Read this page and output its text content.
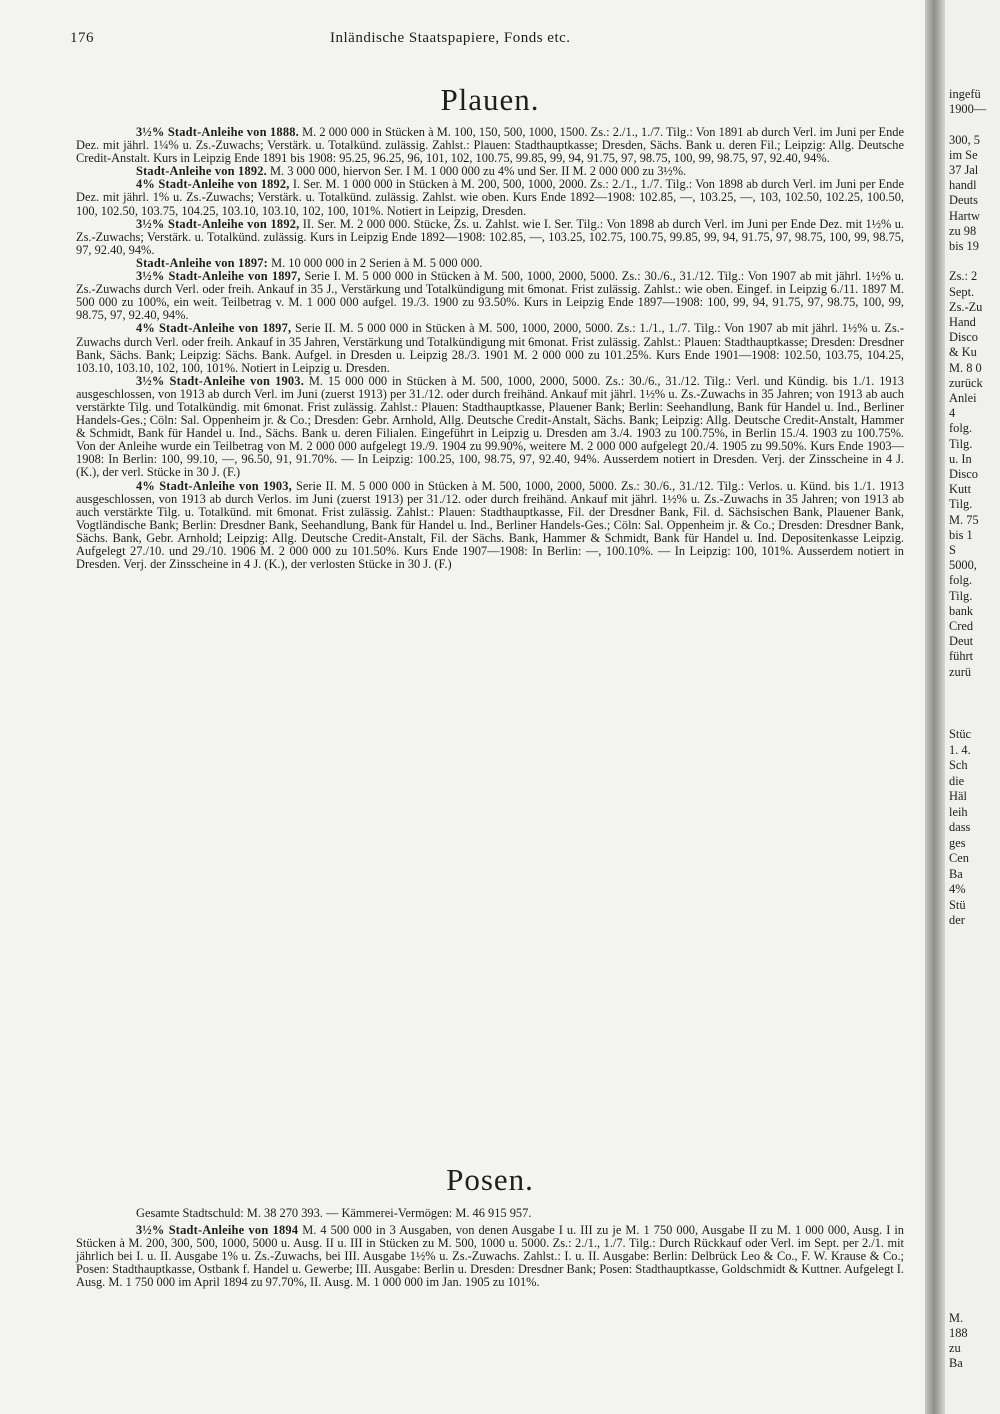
176	Inländische Staatspapiere, Fonds etc.
Plauen.

3½% Stadt-Anleihe von 1888. M. 2 000 000 in Stücken à M. 100, 150, 500, 1000, 1500. Zs.: 2./1., 1./7. Tilg.: Von 1891 ab durch Verl. im Juni per Ende Dez. mit jährl. 1¼% u. Zs.-Zuwachs; Verstärk. u. Totalkünd. zulässig. Zahlst.: Plauen: Stadthauptkasse; Dresden, Sächs. Bank u. deren Fil.; Leipzig: Allg. Deutsche Credit-Anstalt. Kurs in Leipzig Ende 1891 bis 1908: 95.25, 96.25, 96, 101, 102, 100.75, 99.85, 99, 94, 91.75, 97, 98.75, 100, 99, 98.75, 97, 92.40, 94%.

Stadt-Anleihe von 1892. M. 3 000 000, hiervon Ser. I M. 1 000 000 zu 4% und Ser. II M. 2 000 000 zu 3½%.

4% Stadt-Anleihe von 1892, I. Ser. M. 1 000 000 in Stücken à M. 200, 500, 1000, 2000. Zs.: 2./1., 1./7. Tilg.: Von 1898 ab durch Verl. im Juni per Ende Dez. mit jährl. 1% u. Zs.-Zuwachs; Verstärk. u. Totalkünd. zulässig. Zahlst. wie oben. Kurs Ende 1892—1908: 102.85, —, 103.25, —, 103, 102.50, 102.25, 100.50, 100, 102.50, 103.75, 104.25, 103.10, 103.10, 102, 100, 101%. Notiert in Leipzig, Dresden.

3½% Stadt-Anleihe von 1892, II. Ser. M. 2 000 000. Stücke, Zs. u. Zahlst. wie I. Ser. Tilg.: Von 1898 ab durch Verl. im Juni per Ende Dez. mit 1½% u. Zs.-Zuwachs; Verstärk. u. Totalkünd. zulässig. Kurs in Leipzig Ende 1892—1908: 102.85, —, 103.25, 102.75, 100.75, 99.85, 99, 94, 91.75, 97, 98.75, 100, 99, 98.75, 97, 92.40, 94%.

Stadt-Anleihe von 1897: M. 10 000 000 in 2 Serien à M. 5 000 000.

3½% Stadt-Anleihe von 1897, Serie I. M. 5 000 000 in Stücken à M. 500, 1000, 2000, 5000. Zs.: 30./6., 31./12. Tilg.: Von 1907 ab mit jährl. 1½% u. Zs.-Zuwachs durch Verl. oder freih. Ankauf in 35 J., Verstärkung und Totalkündigung mit 6monat. Frist zulässig. Zahlst.: wie oben. Eingef. in Leipzig 6./11. 1897 M. 500 000 zu 100%, ein weit. Teilbetrag v. M. 1 000 000 aufgel. 19./3. 1900 zu 93.50%. Kurs in Leipzig Ende 1897—1908: 100, 99, 94, 91.75, 97, 98.75, 100, 99, 98.75, 97, 92.40, 94%.

4% Stadt-Anleihe von 1897, Serie II. M. 5 000 000 in Stücken à M. 500, 1000, 2000, 5000. Zs.: 1./1., 1./7. Tilg.: Von 1907 ab mit jährl. 1½% u. Zs.-Zuwachs durch Verl. oder freih. Ankauf in 35 Jahren, Verstärkung und Totalkündigung mit 6monat. Frist zulässig. Zahlst.: Plauen: Stadthauptkasse; Dresden: Dresdner Bank, Sächs. Bank; Leipzig: Sächs. Bank. Aufgel. in Dresden u. Leipzig 28./3. 1901 M. 2 000 000 zu 101.25%. Kurs Ende 1901—1908: 102.50, 103.75, 104.25, 103.10, 103.10, 102, 100, 101%. Notiert in Leipzig u. Dresden.

3½% Stadt-Anleihe von 1903. M. 15 000 000 in Stücken à M. 500, 1000, 2000, 5000. Zs.: 30./6., 31./12. Tilg.: Verl. und Kündig. bis 1./1. 1913 ausgeschlossen, von 1913 ab durch Verl. im Juni (zuerst 1913) per 31./12. oder durch freihänd. Ankauf mit jährl. 1½% u. Zs.-Zuwachs in 35 Jahren; von 1913 ab auch verstärkte Tilg. und Totalkündig. mit 6monat. Frist zulässig. Zahlst.: Plauen: Stadthauptkasse, Plauener Bank; Berlin: Seehandlung, Bank für Handel u. Ind., Berliner Handels-Ges.; Cöln: Sal. Oppenheim jr. & Co.; Dresden: Gebr. Arnhold, Allg. Deutsche Credit-Anstalt, Sächs. Bank; Leipzig: Allg. Deutsche Credit-Anstalt, Hammer & Schmidt, Bank für Handel u. Ind., Sächs. Bank u. deren Filialen. Eingeführt in Leipzig u. Dresden am 3./4. 1903 zu 100.75%, in Berlin 15./4. 1903 zu 100.75%. Von der Anleihe wurde ein Teilbetrag von M. 2 000 000 aufgelegt 19./9. 1904 zu 99.90%, weitere M. 2 000 000 aufgelegt 20./4. 1905 zu 99.50%. Kurs Ende 1903—1908: In Berlin: 100, 99.10, —, 96.50, 91, 91.70%. — In Leipzig: 100.25, 100, 98.75, 97, 92.40, 94%. Ausserdem notiert in Dresden. Verj. der Zinsscheine in 4 J. (K.), der verl. Stücke in 30 J. (F.)

4% Stadt-Anleihe von 1903, Serie II. M. 5 000 000 in Stücken à M. 500, 1000, 2000, 5000. Zs.: 30./6., 31./12. Tilg.: Verlos. u. Künd. bis 1./1. 1913 ausgeschlossen, von 1913 ab durch Verlos. im Juni (zuerst 1913) per 31./12. oder durch freihänd. Ankauf mit jährl. 1½% u. Zs.-Zuwachs in 35 Jahren; von 1913 ab auch verstärkte Tilg. u. Totalkünd. mit 6monat. Frist zulässig. Zahlst.: Plauen: Stadthauptkasse, Fil. der Dresdner Bank, Fil. d. Sächsischen Bank, Plauener Bank, Vogtländische Bank; Berlin: Dresdner Bank, Seehandlung, Bank für Handel u. Ind., Berliner Handels-Ges.; Cöln: Sal. Oppenheim jr. & Co.; Dresden: Dresdner Bank, Sächs. Bank, Gebr. Arnhold; Leipzig: Allg. Deutsche Credit-Anstalt, Fil. der Sächs. Bank, Hammer & Schmidt, Bank für Handel u. Ind. Depositenkasse Leipzig. Aufgelegt 27./10. und 29./10. 1906 M. 2 000 000 zu 101.50%. Kurs Ende 1907—1908: In Berlin: —, 100.10%. — In Leipzig: 100, 101%. Ausserdem notiert in Dresden. Verj. der Zinsscheine in 4 J. (K.), der verlosten Stücke in 30 J. (F.)

Posen.

Gesamte Stadtschuld: M. 38 270 393. — Kämmerei-Vermögen: M. 46 915 957.

3½% Stadt-Anleihe von 1894 M. 4 500 000 in 3 Ausgaben, von denen Ausgabe I u. III zu je M. 1 750 000, Ausgabe II zu M. 1 000 000, Ausg. I in Stücken à M. 200, 300, 500, 1000, 5000 u. Ausg. II u. III in Stücken zu M. 500, 1000 u. 5000. Zs.: 2./1., 1./7. Tilg.: Durch Rückkauf oder Verl. im Sept. per 2./1. mit jährlich bei I. u. II. Ausgabe 1% u. Zs.-Zuwachs, bei III. Ausgabe 1½% u. Zs.-Zuwachs. Zahlst.: I. u. II. Ausgabe: Berlin: Delbrück Leo & Co., F. W. Krause & Co.; Posen: Stadthauptkasse, Ostbank f. Handel u. Gewerbe; III. Ausgabe: Berlin u. Dresden: Dresdner Bank; Posen: Stadthauptkasse, Goldschmidt & Kuttner. Aufgelegt I. Ausg. M. 1 750 000 im April 1894 zu 97.70%, II. Ausg. M. 1 000 000 im Jan. 1905 zu 101%.

ingefü
1900—
300, 5
im Se
37 Jal
handl
Deuts
Hartw
zu 98
bis 19
Zs.: 2
Sept.
Zs.-Zu
Hand
Disco
& Ku
M. 8 0
zurück
Anlei
4
folg.
Tilg.
u. In
Disco
Kutt
Tilg.
M. 75
bis 1
S
5000,
folg.
Tilg.
bank
Cred
Deut
führt
zurü
Stüc
1. 4.
Sch
die
Häl
leih
dass
ges
Cen
Ba
4%
Stü
der
M.
188
zu
Ba
